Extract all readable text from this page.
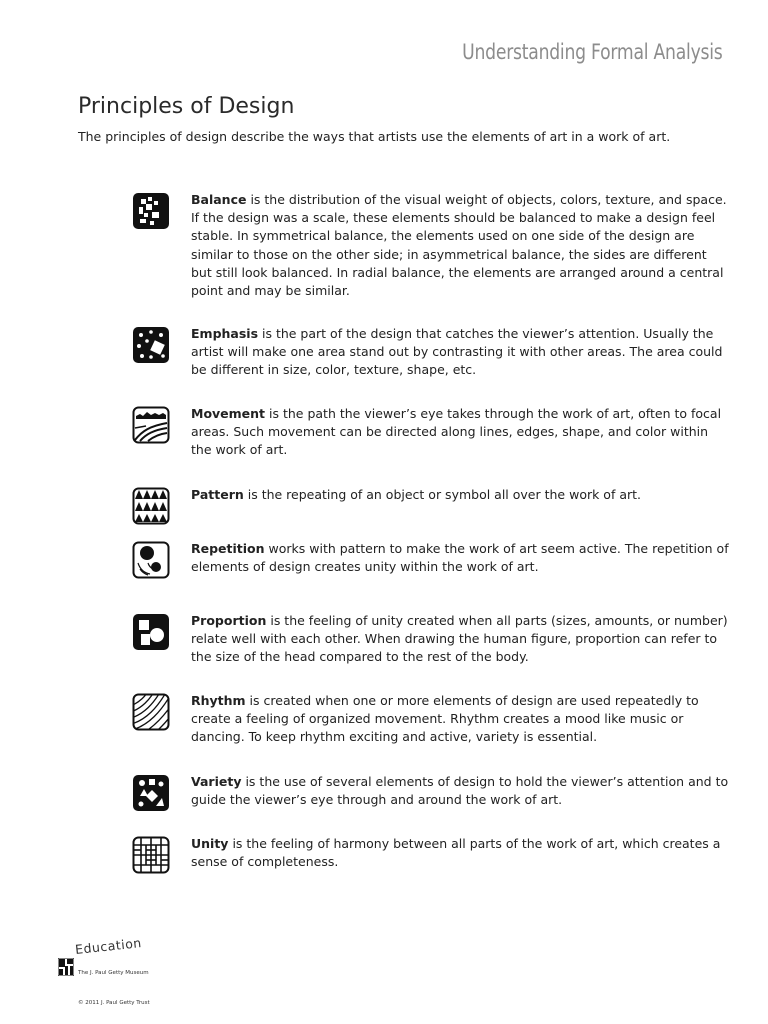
Understanding Formal Analysis
Principles of Design

The principles of design describe the ways that artists use the elements of art in a work of art.

Balance is the distribution of the visual weight of objects, colors, texture, and space. If the design was a scale, these elements should be balanced to make a design feel stable. In symmetrical balance, the elements used on one side of the design are similar to those on the other side; in asymmetrical balance, the sides are different but still look balanced. In radial balance, the elements are arranged around a central point and may be similar.

Emphasis is the part of the design that catches the viewer’s attention. Usually the artist will make one area stand out by contrasting it with other areas. The area could be different in size, color, texture, shape, etc.

Movement is the path the viewer’s eye takes through the work of art, often to focal areas. Such movement can be directed along lines, edges, shape, and color within the work of art.

Pattern is the repeating of an object or symbol all over the work of art.

Repetition works with pattern to make the work of art seem active. The repetition of elements of design creates unity within the work of art.

Proportion is the feeling of unity created when all parts (sizes, amounts, or number) relate well with each other. When drawing the human figure, proportion can refer to the size of the head compared to the rest of the body.

Rhythm is created when one or more elements of design are used repeatedly to create a feeling of organized movement. Rhythm creates a mood like music or dancing. To keep rhythm exciting and active, variety is essential.

Variety is the use of several elements of design to hold the viewer’s attention and to guide the viewer’s eye through and around the work of art.

Unity is the feeling of harmony between all parts of the work of art, which creates a sense of completeness.

Education
The J. Paul Getty Museum
© 2011 J. Paul Getty Trust
